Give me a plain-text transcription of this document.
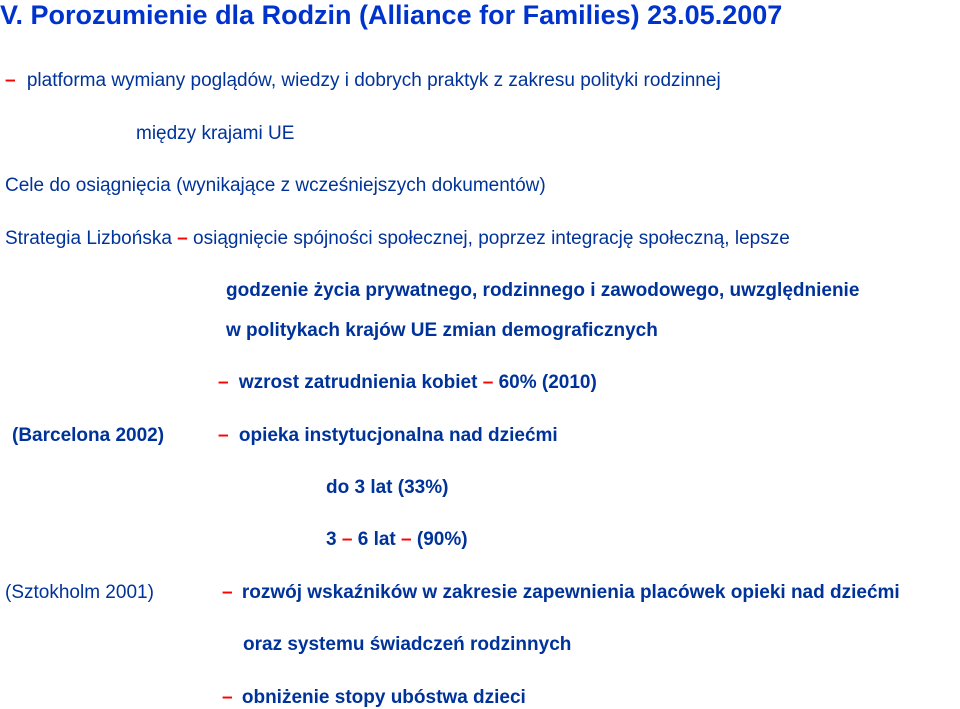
V. Porozumienie dla Rodzin (Alliance for Families) 23.05.2007
– platforma wymiany poglądów, wiedzy i dobrych praktyk z zakresu polityki rodzinnej
między krajami UE
Cele do osiągnięcia (wynikające z wcześniejszych dokumentów)
Strategia Lizbońska – osiągnięcie spójności społecznej, poprzez integrację społeczną, lepsze
godzenie życia prywatnego, rodzinnego i zawodowego, uwzględnienie
w politykach krajów UE zmian demograficznych
– wzrost zatrudnienia kobiet – 60% (2010)
(Barcelona 2002)	– opieka instytucjonalna nad dziećmi
do 3 lat (33%)
3 – 6 lat – (90%)
(Sztokholm 2001)	– rozwój wskaźników w zakresie zapewnienia placówek opieki nad dziećmi
oraz systemu świadczeń rodzinnych
– obniżenie stopy ubóstwa dzieci
